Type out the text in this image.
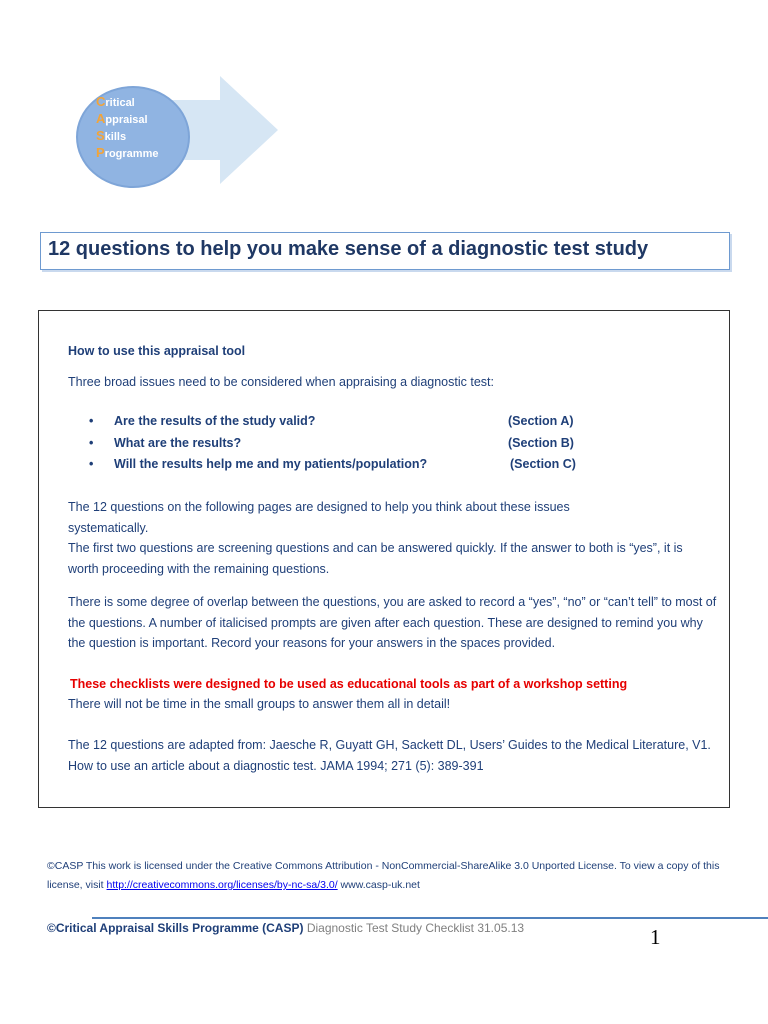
Critical
Appraisal
Skills
Programme
12 questions to help you make sense of a diagnostic test study

How to use this appraisal tool

Three broad issues need to be considered when appraising a diagnostic test:

• Are the results of the study valid?	(Section A)
• What are the results?	(Section B)
• Will the results help me and my patients/population?	(Section C)

The 12 questions on the following pages are designed to help you think about these issues systematically.

The first two questions are screening questions and can be answered quickly. If the answer to both is “yes”, it is worth proceeding with the remaining questions.

There is some degree of overlap between the questions, you are asked to record a “yes”, “no” or “can’t tell” to most of the questions. A number of italicised prompts are given after each question. These are designed to remind you why the question is important. Record your reasons for your answers in the spaces provided.

These checklists were designed to be used as educational tools as part of a workshop setting

There will not be time in the small groups to answer them all in detail!

The 12 questions are adapted from: Jaesche R, Guyatt GH, Sackett DL, Users’ Guides to the Medical Literature, V1. How to use an article about a diagnostic test. JAMA 1994; 271 (5): 389-391

©CASP This work is licensed under the Creative Commons Attribution - NonCommercial-ShareAlike 3.0 Unported License. To view a copy of this license, visit http://creativecommons.org/licenses/by-nc-sa/3.0/ www.casp-uk.net
©Critical Appraisal Skills Programme (CASP) Diagnostic Test Study Checklist 31.05.13	1
